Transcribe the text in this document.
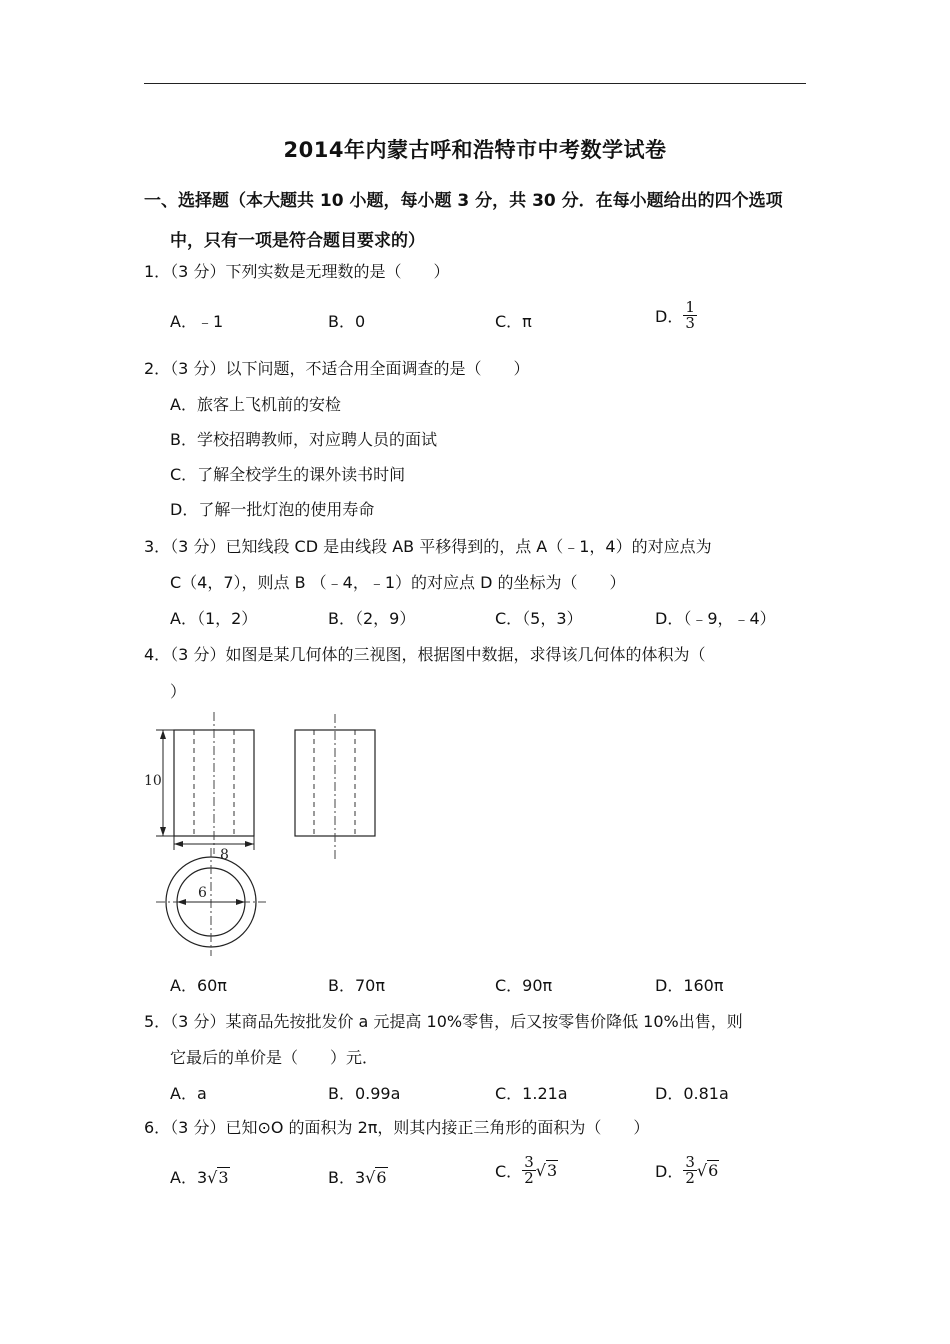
2014年内蒙古呼和浩特市中考数学试卷
一、选择题（本大题共 10 小题，每小题 3 分，共 30 分．在每小题给出的四个选项
中，只有一项是符合题目要求的）
1．（3 分）下列实数是无理数的是（　　）
A．﹣1	B．0	C．π	D． $\frac{1}{3}$
2．（3 分）以下问题，不适合用全面调查的是（　　）
A．旅客上飞机前的安检
B．学校招聘教师，对应聘人员的面试
C．了解全校学生的课外读书时间
D．了解一批灯泡的使用寿命
3．（3 分）已知线段 CD 是由线段 AB 平移得到的，点 A（﹣1，4）的对应点为
C（4，7），则点 B （﹣4，﹣1）的对应点 D 的坐标为（　　）
A．（1，2）	B．（2，9）	C．（5，3）	D．（﹣9，﹣4）
4．（3 分）如图是某几何体的三视图，根据图中数据，求得该几何体的体积为（
）
10
8
6
A．60π	B．70π	C．90π	D．160π
5．（3 分）某商品先按批发价 a 元提高 10%零售，后又按零售价降低 10%出售，则
它最后的单价是（　　）元．
A．a	B．0.99a	C．1.21a	D．0.81a
6．（3 分）已知⊙O 的面积为 2π，则其内接正三角形的面积为（　　）
A．3√3	B．3√6	C． $\frac{3}{2} √3$	D． $\frac{3}{2} √6$
